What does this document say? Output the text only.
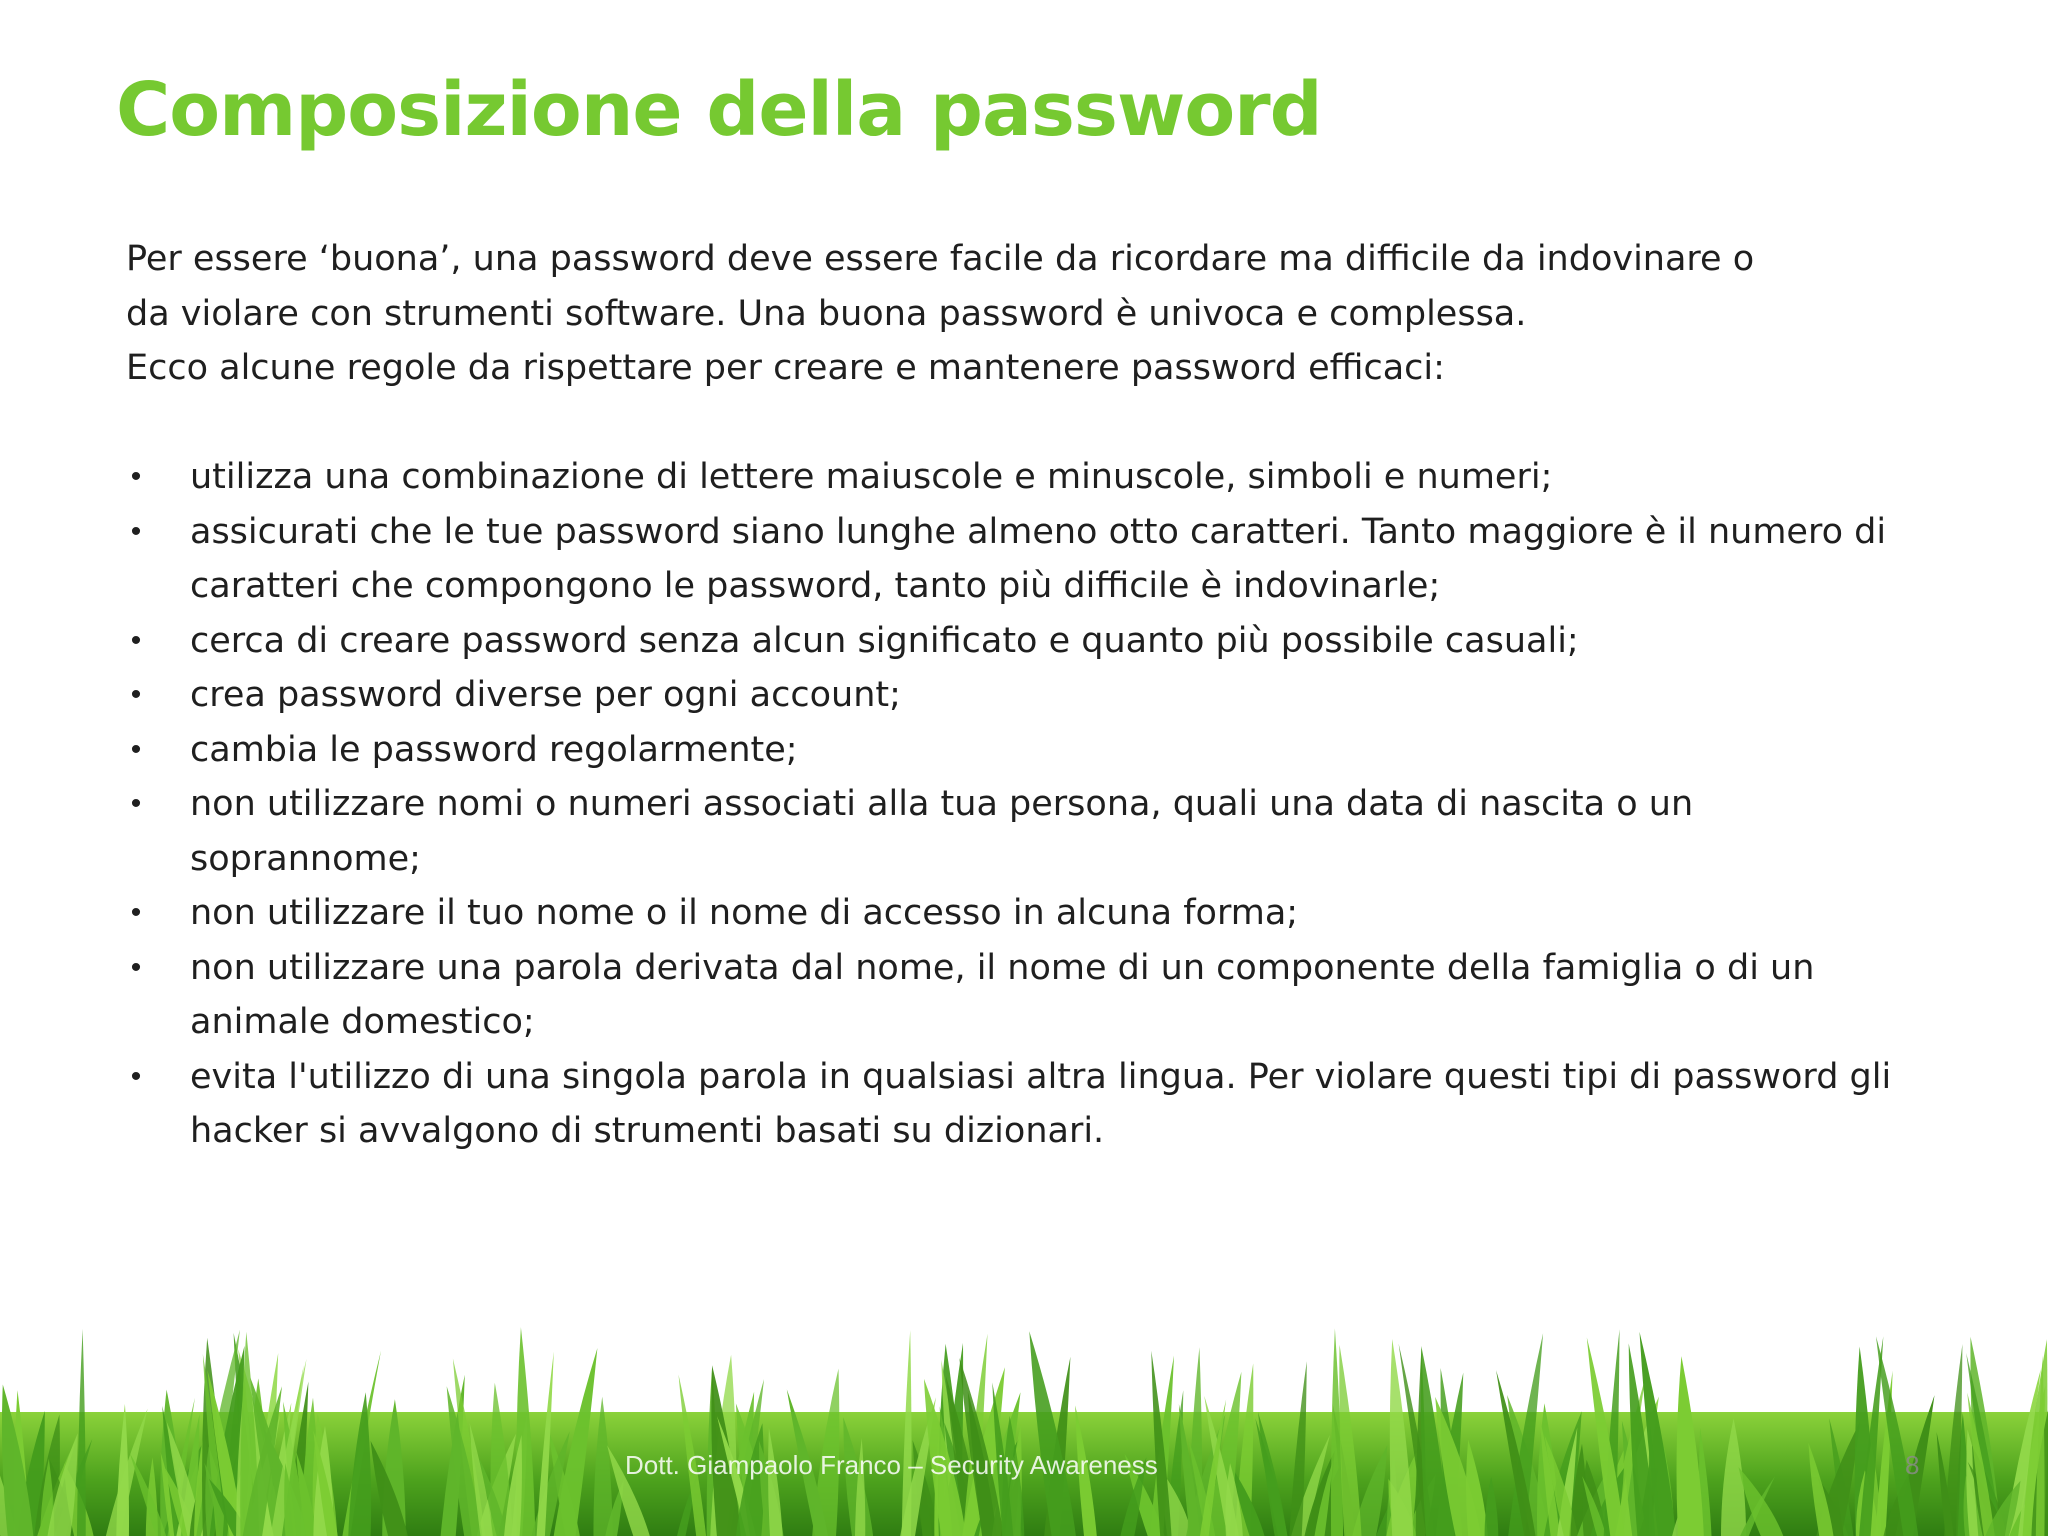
Composizione della password

Per essere ‘buona’, una password deve essere facile da ricordare ma difficile da indovinare o

da violare con strumenti software. Una buona password è univoca e complessa.

Ecco alcune regole da rispettare per creare e mantenere password efficaci:

• utilizza una combinazione di lettere maiuscole e minuscole, simboli e numeri;
• assicurati che le tue password siano lunghe almeno otto caratteri. Tanto maggiore è il numero di caratteri che compongono le password, tanto più difficile è indovinarle;
• cerca di creare password senza alcun significato e quanto più possibile casuali;
• crea password diverse per ogni account;
• cambia le password regolarmente;
• non utilizzare nomi o numeri associati alla tua persona, quali una data di nascita o un soprannome;
• non utilizzare il tuo nome o il nome di accesso in alcuna forma;
• non utilizzare una parola derivata dal nome, il nome di un componente della famiglia o di un animale domestico;
• evita l'utilizzo di una singola parola in qualsiasi altra lingua. Per violare questi tipi di password gli hacker si avvalgono di strumenti basati su dizionari.
Dott. Giampaolo Franco – Security Awareness	8
